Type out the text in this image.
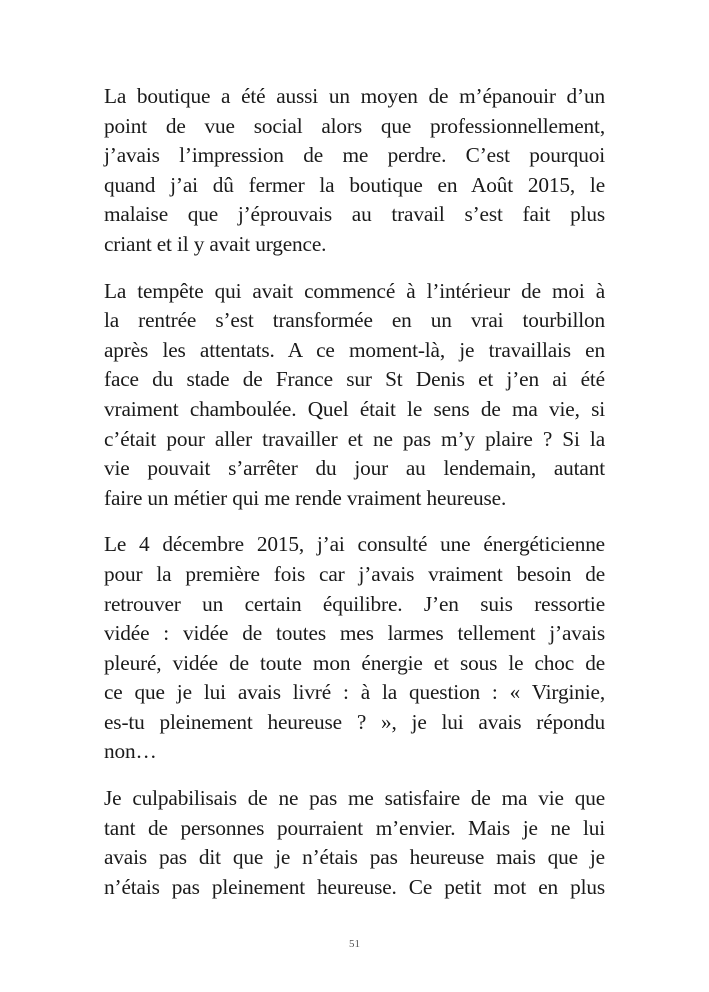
La boutique a été aussi un moyen de m’épanouir d’un
point de vue social alors que professionnellement,
j’avais l’impression de me perdre. C’est pourquoi
quand j’ai dû fermer la boutique en Août 2015, le
malaise que j’éprouvais au travail s’est fait plus
criant et il y avait urgence.

La tempête qui avait commencé à l’intérieur de moi à
la rentrée s’est transformée en un vrai tourbillon
après les attentats. A ce moment-là, je travaillais en
face du stade de France sur St Denis et j’en ai été
vraiment chamboulée. Quel était le sens de ma vie, si
c’était pour aller travailler et ne pas m’y plaire ? Si la
vie pouvait s’arrêter du jour au lendemain, autant
faire un métier qui me rende vraiment heureuse.

Le 4 décembre 2015, j’ai consulté une énergéticienne
pour la première fois car j’avais vraiment besoin de
retrouver un certain équilibre. J’en suis ressortie
vidée : vidée de toutes mes larmes tellement j’avais
pleuré, vidée de toute mon énergie et sous le choc de
ce que je lui avais livré : à la question : « Virginie,
es-tu pleinement heureuse ? », je lui avais répondu
non…

Je culpabilisais de ne pas me satisfaire de ma vie que
tant de personnes pourraient m’envier. Mais je ne lui
avais pas dit que je n’étais pas heureuse mais que je
n’étais pas pleinement heureuse. Ce petit mot en plus

51
